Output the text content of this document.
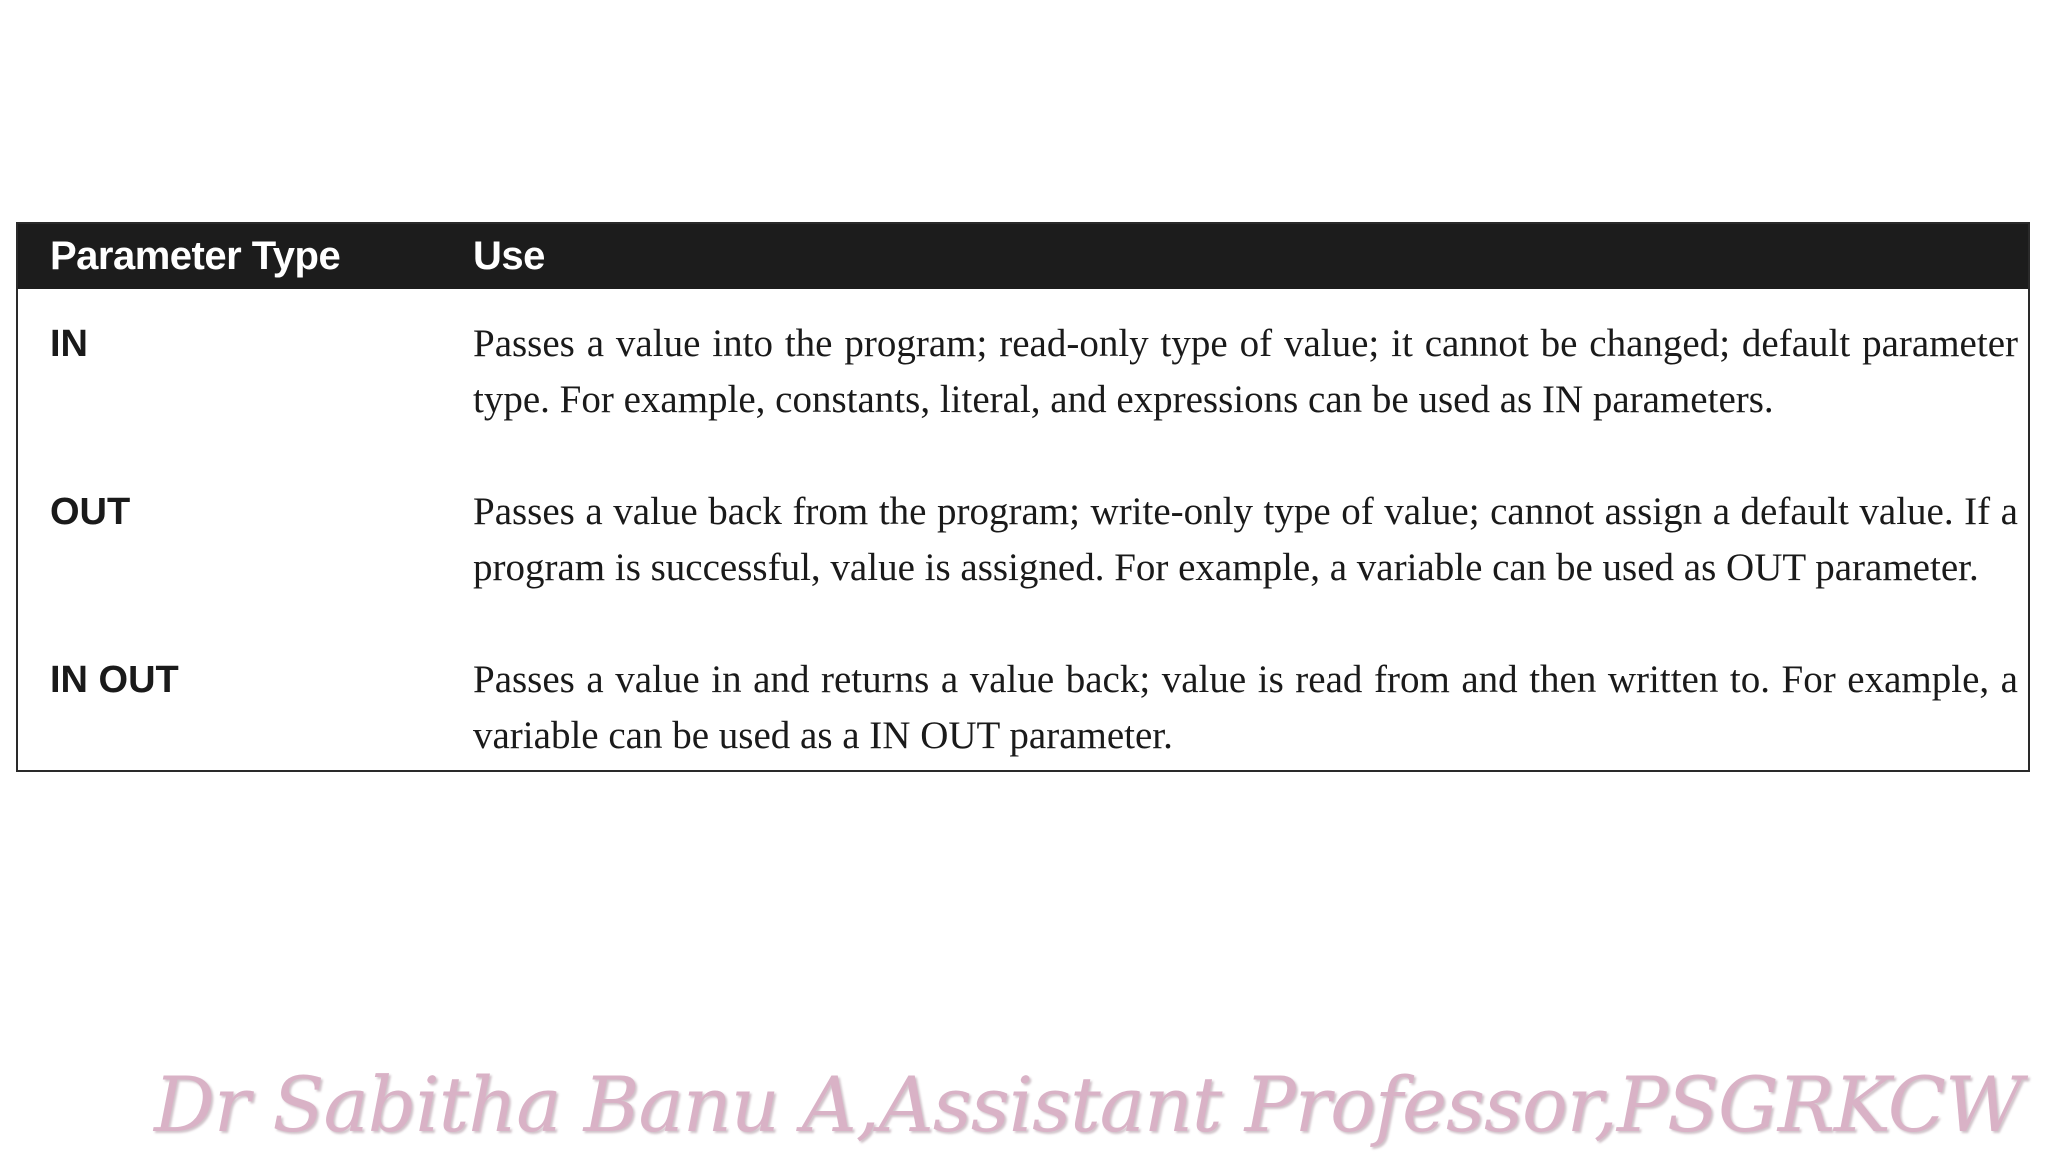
Parameter Type	Use
IN	Passes a value into the program; read-only type of value; it cannot be changed; default parameter type. For example, constants, literal, and expressions can be used as IN parameters.
OUT	Passes a value back from the program; write-only type of value; cannot assign a default value. If a program is successful, value is assigned. For example, a variable can be used as OUT parameter.
IN OUT	Passes a value in and returns a value back; value is read from and then written to. For example, a variable can be used as a IN OUT parameter.
Dr Sabitha Banu A,Assistant Professor,PSGRKCW
